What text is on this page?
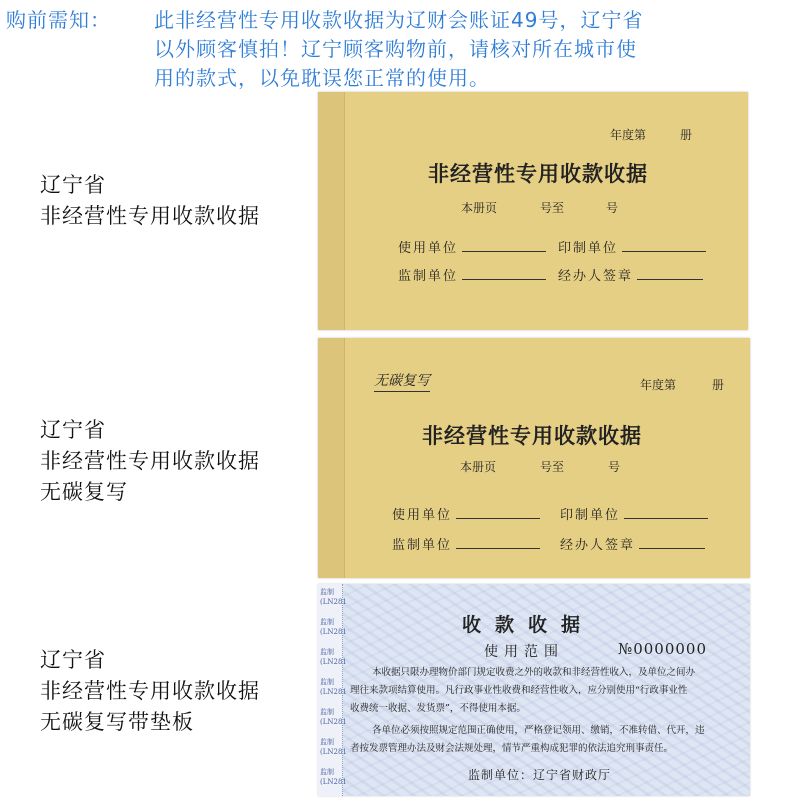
购前需知： 此非经营性专用收款收据为辽财会账证49号，辽宁省
以外顾客慎拍！辽宁顾客购物前，请核对所在城市使
用的款式，以免耽误您正常的使用。
辽宁省
非经营性专用收款收据
年度第	册
非经营性专用收款收据
本册页	号至	号
使用单位	印制单位
监制单位	经办人签章
辽宁省
非经营性专用收款收据
无碳复写
无碳复写	年度第	册
非经营性专用收款收据
本册页	号至	号
使用单位	印制单位
监制单位	经办人签章
辽宁省
非经营性专用收款收据
无碳复写带垫板
监制
(LN281
监制
(LN281
监制
(LN281
监制
(LN281
监制
(LN281
监制
(LN281
监制
(LN281
收款收据
使用范围	№0000000
本收据只限办理物价部门规定收费之外的收款和非经营性收入，及单位之间办
理往来款项结算使用。凡行政事业性收费和经营性收入，应分别使用“行政事业性
收费统一收据、发货票”，不得使用本据。
各单位必须按照规定范围正确使用，严格登记领用、缴销，不准转借、代开，违
者按发票管理办法及财会法规处理，情节严重构成犯罪的依法追究刑事责任。
监制单位：辽宁省财政厅
